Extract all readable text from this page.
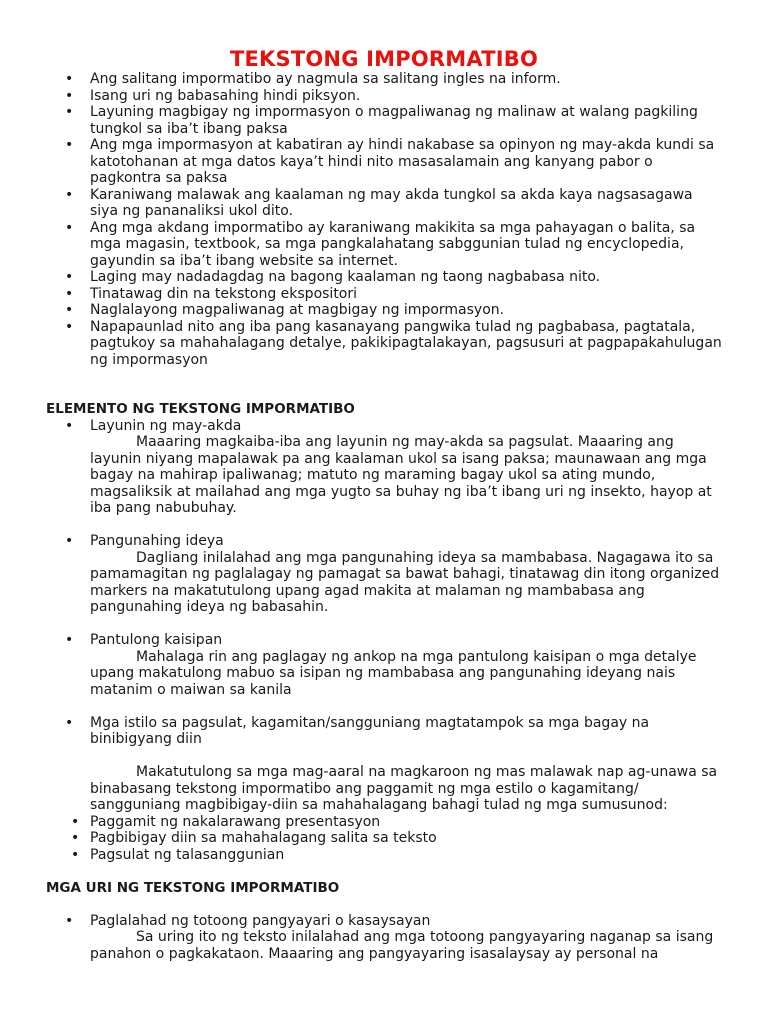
TEKSTONG IMPORMATIBO
• Ang salitang impormatibo ay nagmula sa salitang ingles na inform.
• Isang uri ng babasahing hindi piksyon.
• Layuning magbigay ng impormasyon o magpaliwanag ng malinaw at walang pagkiling tungkol sa iba’t ibang paksa
• Ang mga impormasyon at kabatiran ay hindi nakabase sa opinyon ng may-akda kundi sa katotohanan at mga datos kaya’t hindi nito masasalamain ang kanyang pabor o pagkontra sa paksa
• Karaniwang malawak ang kaalaman ng may akda tungkol sa akda kaya nagsasagawa siya ng pananaliksi ukol dito.
• Ang mga akdang impormatibo ay karaniwang makikita sa mga pahayagan o balita, sa mga magasin, textbook, sa mga pangkalahatang sabggunian tulad ng encyclopedia, gayundin sa iba’t ibang website sa internet.
• Laging may nadadagdag na bagong kaalaman ng taong nagbabasa nito.
• Tinatawag din na tekstong ekspositori
• Naglalayong magpaliwanag at magbigay ng impormasyon.
• Napapaunlad nito ang iba pang kasanayang pangwika tulad ng pagbabasa, pagtatala, pagtukoy sa mahahalagang detalye, pakikipagtalakayan, pagsusuri at pagpapakahulugan ng impormasyon

ELEMENTO NG TEKSTONG IMPORMATIBO

• Layunin ng may-akda

Maaaring magkaiba-iba ang layunin ng may-akda sa pagsulat. Maaaring ang layunin niyang mapalawak pa ang kaalaman ukol sa isang paksa; maunawaan ang mga bagay na mahirap ipaliwanag; matuto ng maraming bagay ukol sa ating mundo, magsaliksik at mailahad ang mga yugto sa buhay ng iba’t ibang uri ng insekto, hayop at iba pang nabubuhay.

• Pangunahing ideya

Dagliang inilalahad ang mga pangunahing ideya sa mambabasa. Nagagawa ito sa pamamagitan ng paglalagay ng pamagat sa bawat bahagi, tinatawag din itong organized markers na makatutulong upang agad makita at malaman ng mambabasa ang pangunahing ideya ng babasahin.

• Pantulong kaisipan

Mahalaga rin ang paglagay ng ankop na mga pantulong kaisipan o mga detalye upang makatulong mabuo sa isipan ng mambabasa ang pangunahing ideyang nais matanim o maiwan sa kanila

• Mga istilo sa pagsulat, kagamitan/sangguniang magtatampok sa mga bagay na binibigyang diin

Makatutulong sa mga mag-aaral na magkaroon ng mas malawak nap ag-unawa sa binabasang tekstong impormatibo ang paggamit ng mga estilo o kagamitang/ sangguniang magbibigay-diin sa mahahalagang bahagi tulad ng mga sumusunod:

• Paggamit ng nakalarawang presentasyon
• Pagbibigay diin sa mahahalagang salita sa teksto
• Pagsulat ng talasanggunian

MGA URI NG TEKSTONG IMPORMATIBO

• Paglalahad ng totoong pangyayari o kasaysayan

Sa uring ito ng teksto inilalahad ang mga totoong pangyayaring naganap sa isang panahon o pagkakataon. Maaaring ang pangyayaring isasalaysay ay personal na
